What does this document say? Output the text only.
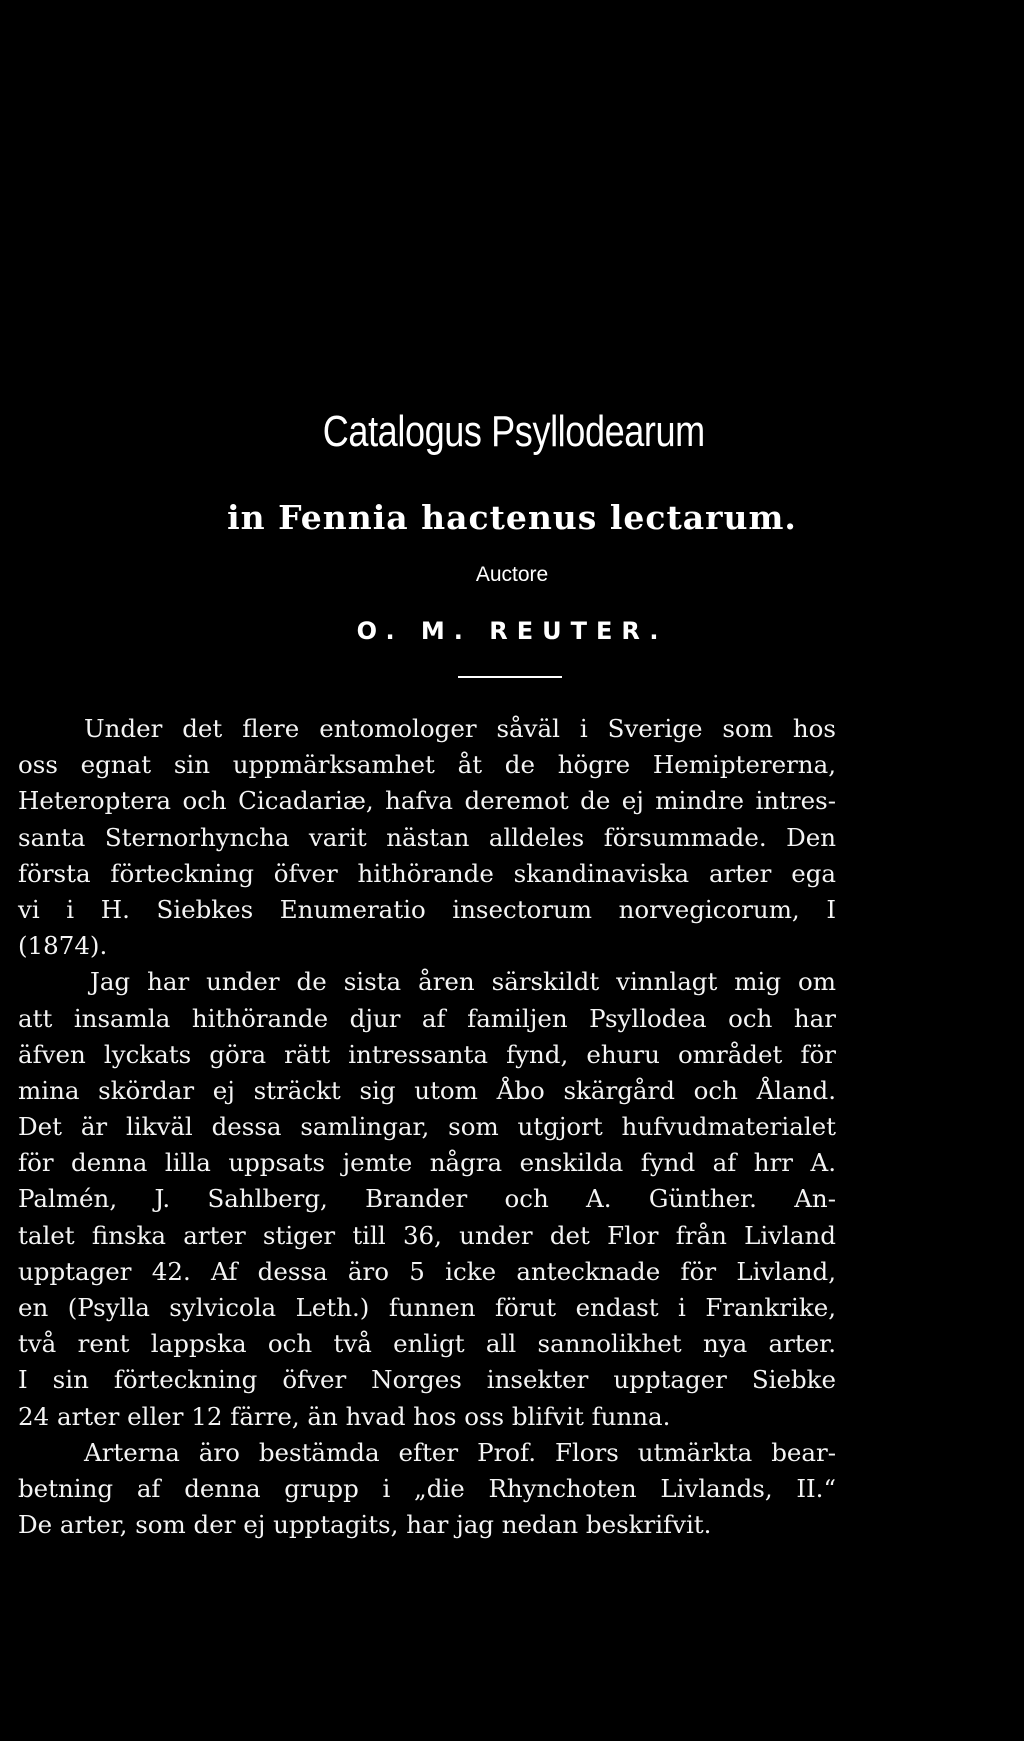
Catalogus Psyllodearum
in Fennia hactenus lectarum.
Auctore
O. M. REUTER.
Under det flere entomologer såväl i Sverige som hos
oss egnat sin uppmärksamhet åt de högre Hemiptererna,
Heteroptera och Cicadariæ, hafva deremot de ej mindre intres-
santa Sternorhyncha varit nästan alldeles försummade. Den
första förteckning öfver hithörande skandinaviska arter ega
vi i H. Siebkes Enumeratio insectorum norvegicorum, I
(1874).
Jag har under de sista åren särskildt vinnlagt mig om
att insamla hithörande djur af familjen Psyllodea och har
äfven lyckats göra rätt intressanta fynd, ehuru området för
mina skördar ej sträckt sig utom Åbo skärgård och Åland.
Det är likväl dessa samlingar, som utgjort hufvudmaterialet
för denna lilla uppsats jemte några enskilda fynd af hrr A.
Palmén, J. Sahlberg, Brander och A. Günther. An-
talet finska arter stiger till 36, under det Flor från Livland
upptager 42. Af dessa äro 5 icke antecknade för Livland,
en (Psylla sylvicola Leth.) funnen förut endast i Frankrike,
två rent lappska och två enligt all sannolikhet nya arter.
I sin förteckning öfver Norges insekter upptager Siebke
24 arter eller 12 färre, än hvad hos oss blifvit funna.
Arterna äro bestämda efter Prof. Flors utmärkta bear-
betning af denna grupp i „die Rhynchoten Livlands, II.“
De arter, som der ej upptagits, har jag nedan beskrifvit.
